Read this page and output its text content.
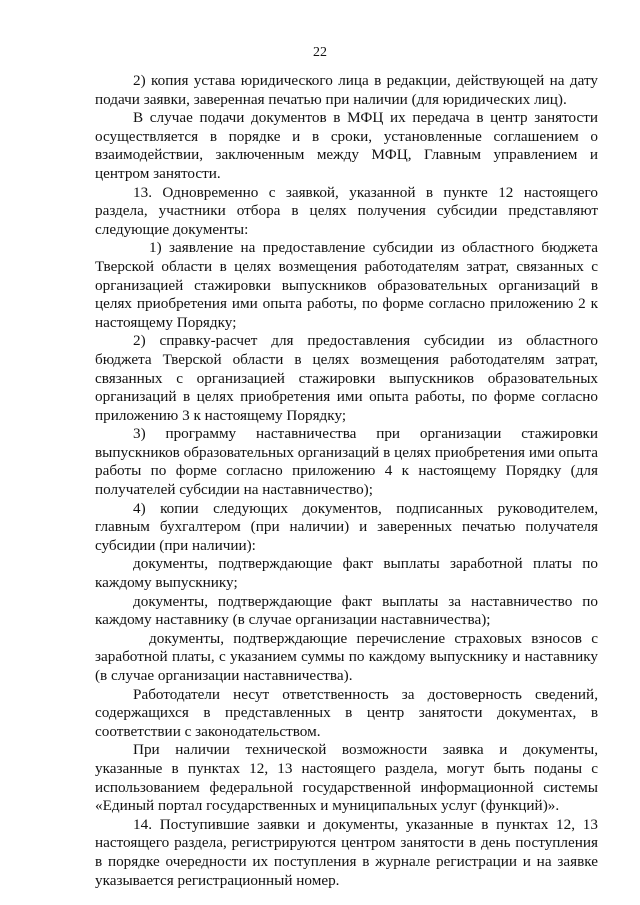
22

2) копия устава юридического лица в редакции, действующей на дату подачи заявки, заверенная печатью при наличии (для юридических лиц).

В случае подачи документов в МФЦ их передача в центр занятости осуществляется в порядке и в сроки, установленные соглашением о взаимодействии, заключенным между МФЦ, Главным управлением и центром занятости.

13. Одновременно с заявкой, указанной в пункте 12 настоящего раздела, участники отбора в целях получения субсидии представляют следующие документы:

1) заявление на предоставление субсидии из областного бюджета Тверской области в целях возмещения работодателям затрат, связанных с организацией стажировки выпускников образовательных организаций в целях приобретения ими опыта работы, по форме согласно приложению 2 к настоящему Порядку;

2) справку-расчет для предоставления субсидии из областного бюджета Тверской области в целях возмещения работодателям затрат, связанных с организацией стажировки выпускников образовательных организаций в целях приобретения ими опыта работы, по форме согласно приложению 3 к настоящему Порядку;

3) программу наставничества при организации стажировки выпускников образовательных организаций в целях приобретения ими опыта работы по форме согласно приложению 4 к настоящему Порядку (для получателей субсидии на наставничество);

4) копии следующих документов, подписанных руководителем, главным бухгалтером (при наличии) и заверенных печатью получателя субсидии (при наличии):

документы, подтверждающие факт выплаты заработной платы по каждому выпускнику;

документы, подтверждающие факт выплаты за наставничество по каждому наставнику (в случае организации наставничества);

документы, подтверждающие перечисление страховых взносов с заработной платы, с указанием суммы по каждому выпускнику и наставнику (в случае организации наставничества).

Работодатели несут ответственность за достоверность сведений, содержащихся в представленных в центр занятости документах, в соответствии с законодательством.

При наличии технической возможности заявка и документы, указанные в пунктах 12, 13 настоящего раздела, могут быть поданы с использованием федеральной государственной информационной системы «Единый портал государственных и муниципальных услуг (функций)».

14. Поступившие заявки и документы, указанные в пунктах 12, 13 настоящего раздела, регистрируются центром занятости в день поступления в порядке очередности их поступления в журнале регистрации и на заявке указывается регистрационный номер.
